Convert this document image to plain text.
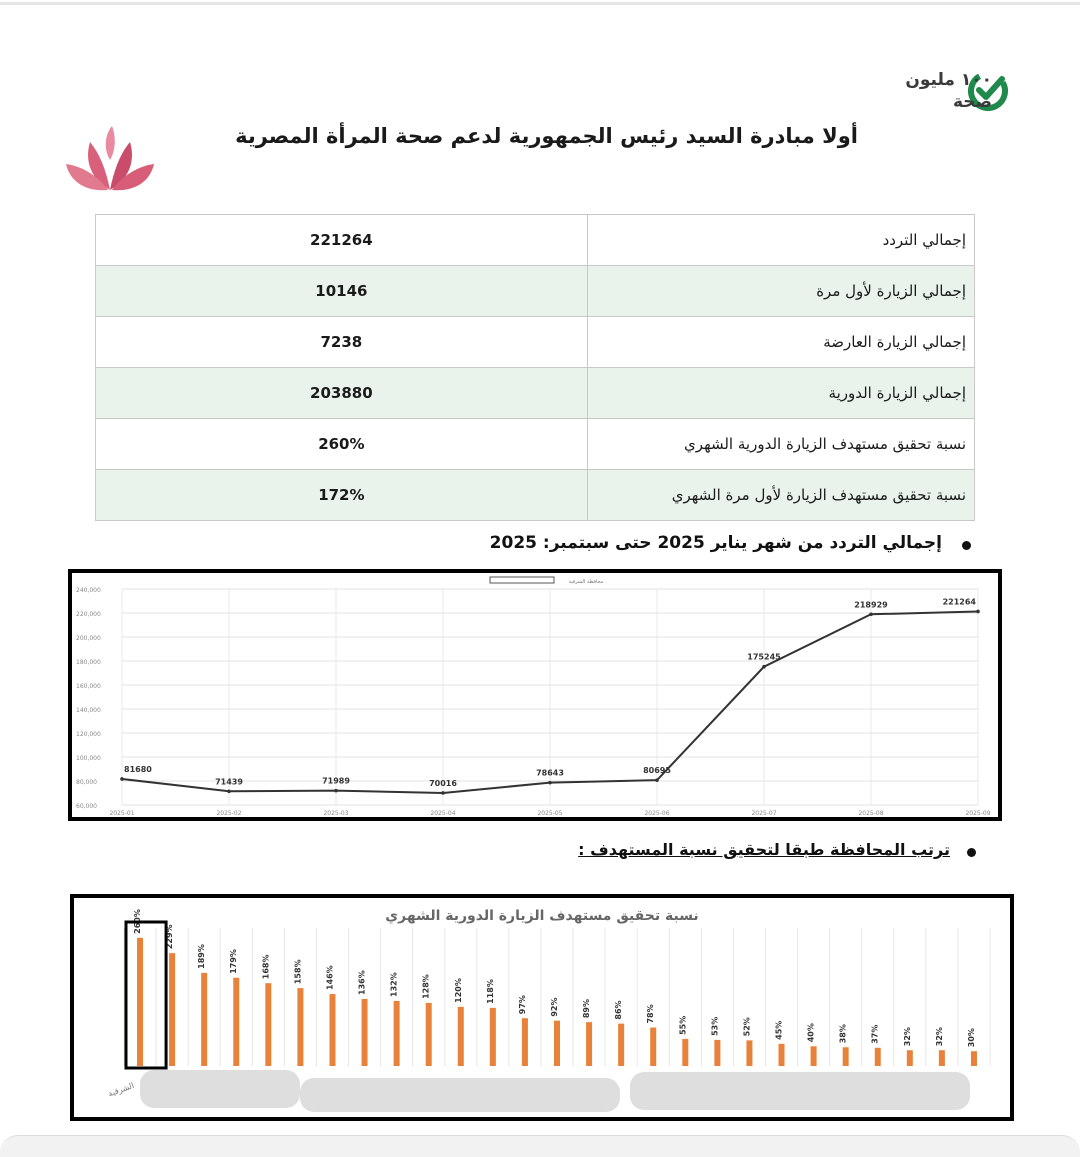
١٠٠ مليون
صحة
أولا مبادرة السيد رئيس الجمهورية لدعم صحة المرأة المصرية
221264	إجمالي التردد
10146	إجمالي الزيارة لأول مرة
7238	إجمالي الزيارة العارضة
203880	إجمالي الزيارة الدورية
260%	نسبة تحقيق مستهدف الزيارة الدورية الشهري
172%	نسبة تحقيق مستهدف الزيارة لأول مرة الشهري
إجمالي التردد من شهر يناير 2025 حتى سبتمبر: 2025
محافظة الشرقية
60,000
80,000
100,000
120,000
140,000
160,000
180,000
200,000
220,000
240,000
2025-01	2025-02	2025-03	2025-04	2025-05	2025-06	2025-07	2025-08	2025-09
81680
71439	71989	70016
78643	80695
175245
218929	221264
ترتب المحافظة طبقا لتحقيق نسبة المستهدف :
نسبة تحقيق مستهدف الزيارة الدورية الشهري
260%
229%
189%	179%	168%	158%	146%	136%	132%	128%	120%	118%
97%	92%	89%	86%	78%
55%	53%	52%	45%	40%	38%	37%	32%	32%	30%
الشرقية
